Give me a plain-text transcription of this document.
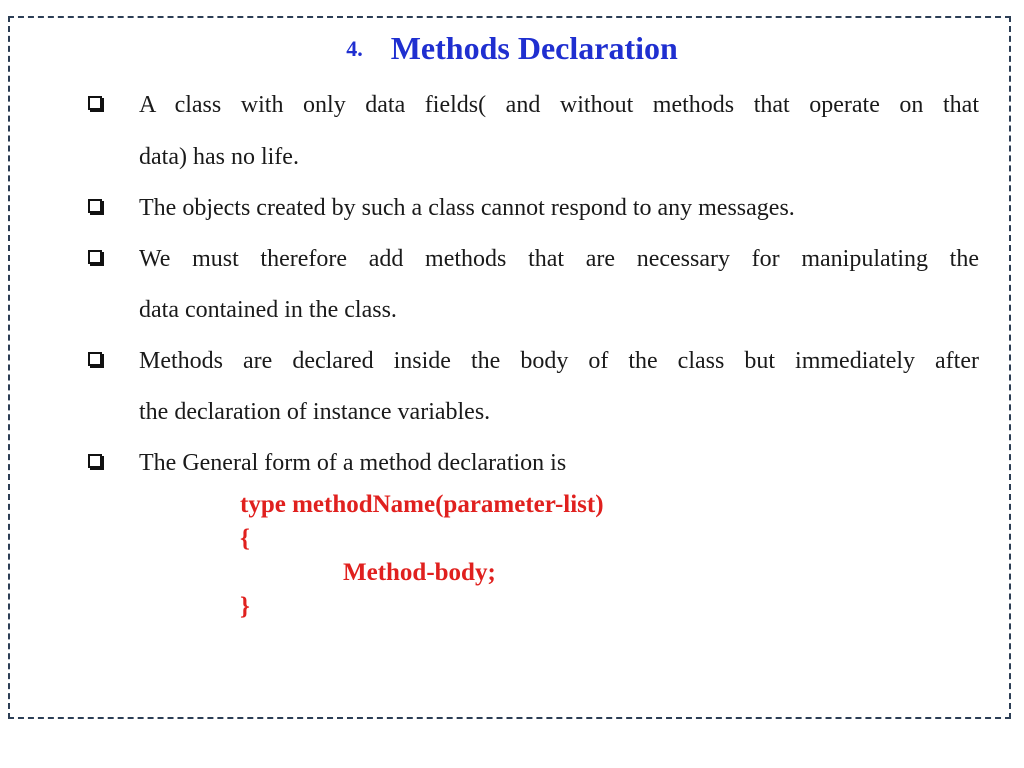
4. Methods Declaration
A class with only data fields( and without methods that operate on that
data) has no life.
The objects created by such a class cannot respond to any messages.
We must therefore add methods that are necessary for manipulating the
data contained in the class.
Methods are declared inside the body of the class but immediately after
the declaration of instance variables.
The General form of a method declaration is
type methodName(parameter-list)
{
Method-body;
}
